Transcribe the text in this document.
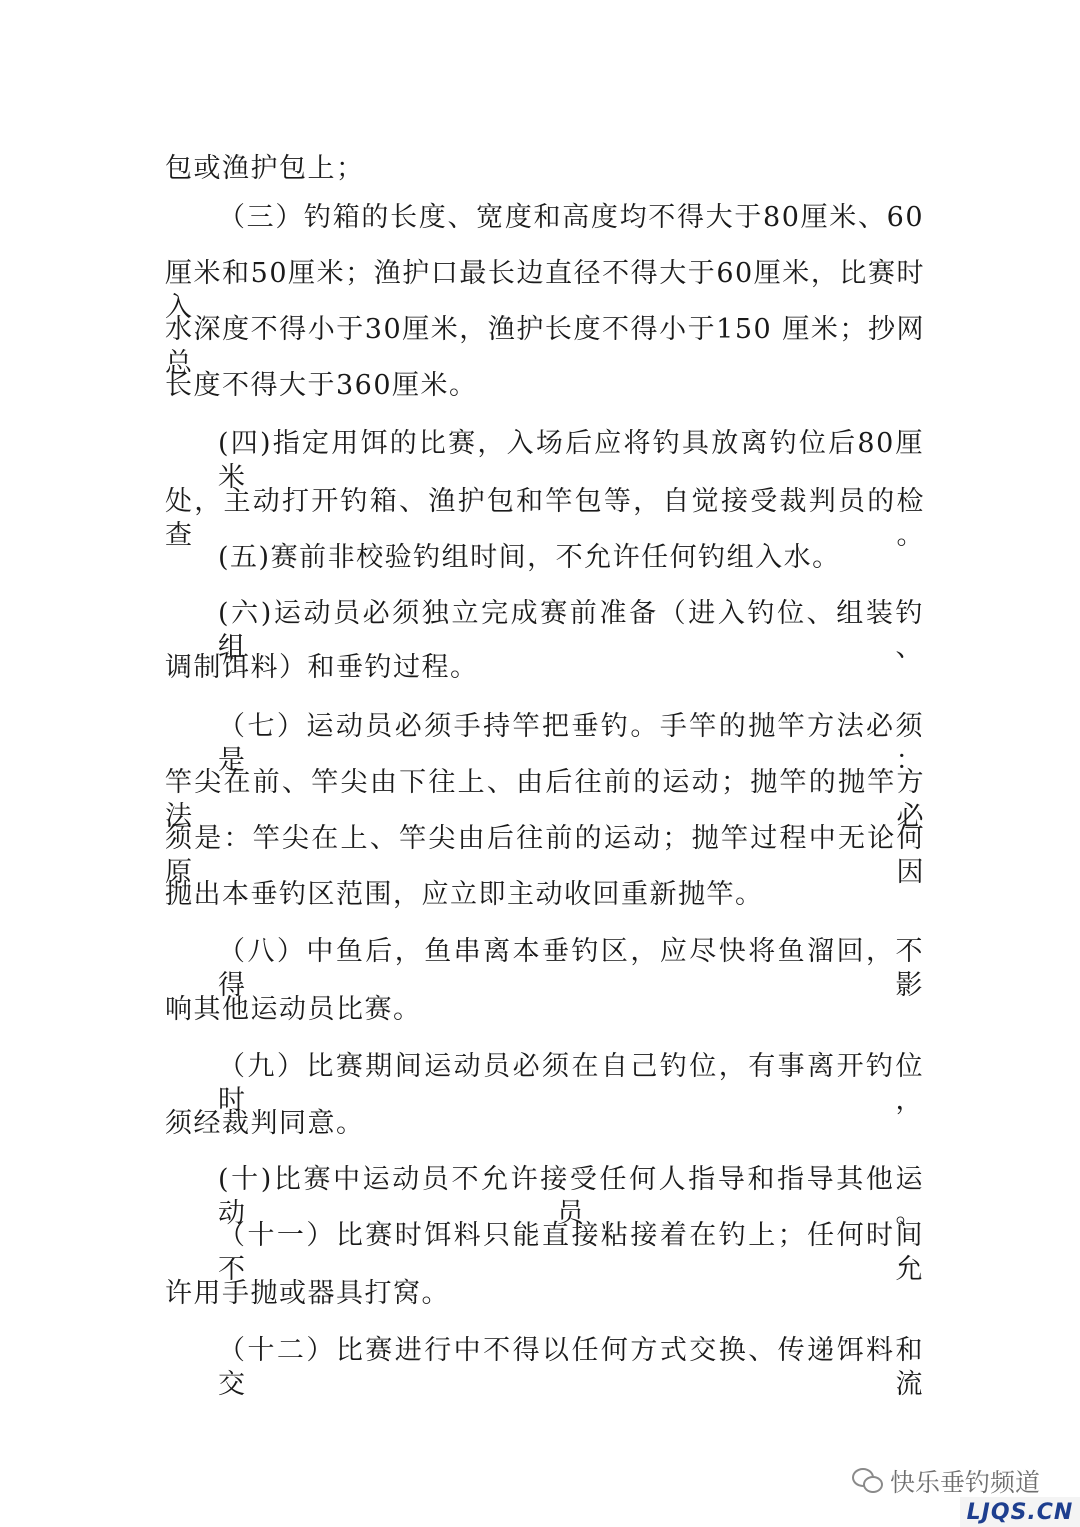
包或渔护包上；
（三）钓箱的长度、宽度和高度均不得大于80厘米、60
厘米和50厘米；渔护口最长边直径不得大于60厘米，比赛时入
水深度不得小于30厘米，渔护长度不得小于150 厘米；抄网总
长度不得大于360厘米。
(四)指定用饵的比赛，入场后应将钓具放离钓位后80厘米
处，主动打开钓箱、渔护包和竿包等，自觉接受裁判员的检查。
(五)赛前非校验钓组时间，不允许任何钓组入水。
(六)运动员必须独立完成赛前准备（进入钓位、组装钓组、
调制饵料）和垂钓过程。
（七）运动员必须手持竿把垂钓。手竿的抛竿方法必须是：
竿尖在前、竿尖由下往上、由后往前的运动；抛竿的抛竿方法必
须是：竿尖在上、竿尖由后往前的运动；抛竿过程中无论何原因
抛出本垂钓区范围，应立即主动收回重新抛竿。
（八）中鱼后，鱼串离本垂钓区，应尽快将鱼溜回，不得影
响其他运动员比赛。
（九）比赛期间运动员必须在自己钓位，有事离开钓位时，
须经裁判同意。
(十)比赛中运动员不允许接受任何人指导和指导其他运动员。
（十一）比赛时饵料只能直接粘接着在钓上；任何时间不允
许用手抛或器具打窝。
（十二）比赛进行中不得以任何方式交换、传递饵料和交流
快乐垂钓频道
LJQS.CN
